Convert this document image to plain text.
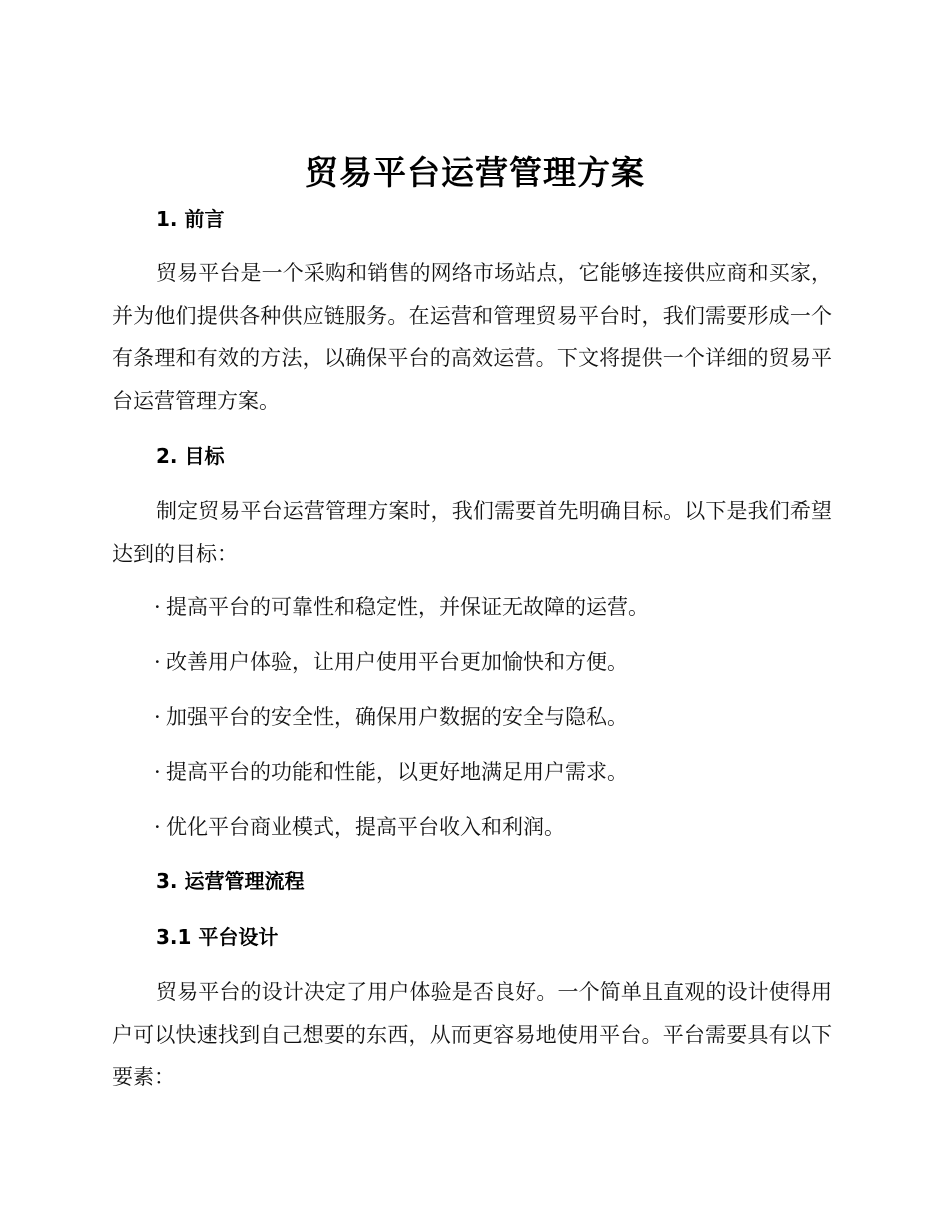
贸易平台运营管理方案
1. 前言
贸易平台是一个采购和销售的网络市场站点，它能够连接供应商和买家，并为他们提供各种供应链服务。在运营和管理贸易平台时，我们需要形成一个有条理和有效的方法，以确保平台的高效运营。下文将提供一个详细的贸易平台运营管理方案。
2. 目标
制定贸易平台运营管理方案时，我们需要首先明确目标。以下是我们希望达到的目标：
· 提高平台的可靠性和稳定性，并保证无故障的运营。
· 改善用户体验，让用户使用平台更加愉快和方便。
· 加强平台的安全性，确保用户数据的安全与隐私。
· 提高平台的功能和性能，以更好地满足用户需求。
· 优化平台商业模式，提高平台收入和利润。
3. 运营管理流程
3.1 平台设计
贸易平台的设计决定了用户体验是否良好。一个简单且直观的设计使得用户可以快速找到自己想要的东西，从而更容易地使用平台。平台需要具有以下要素：
